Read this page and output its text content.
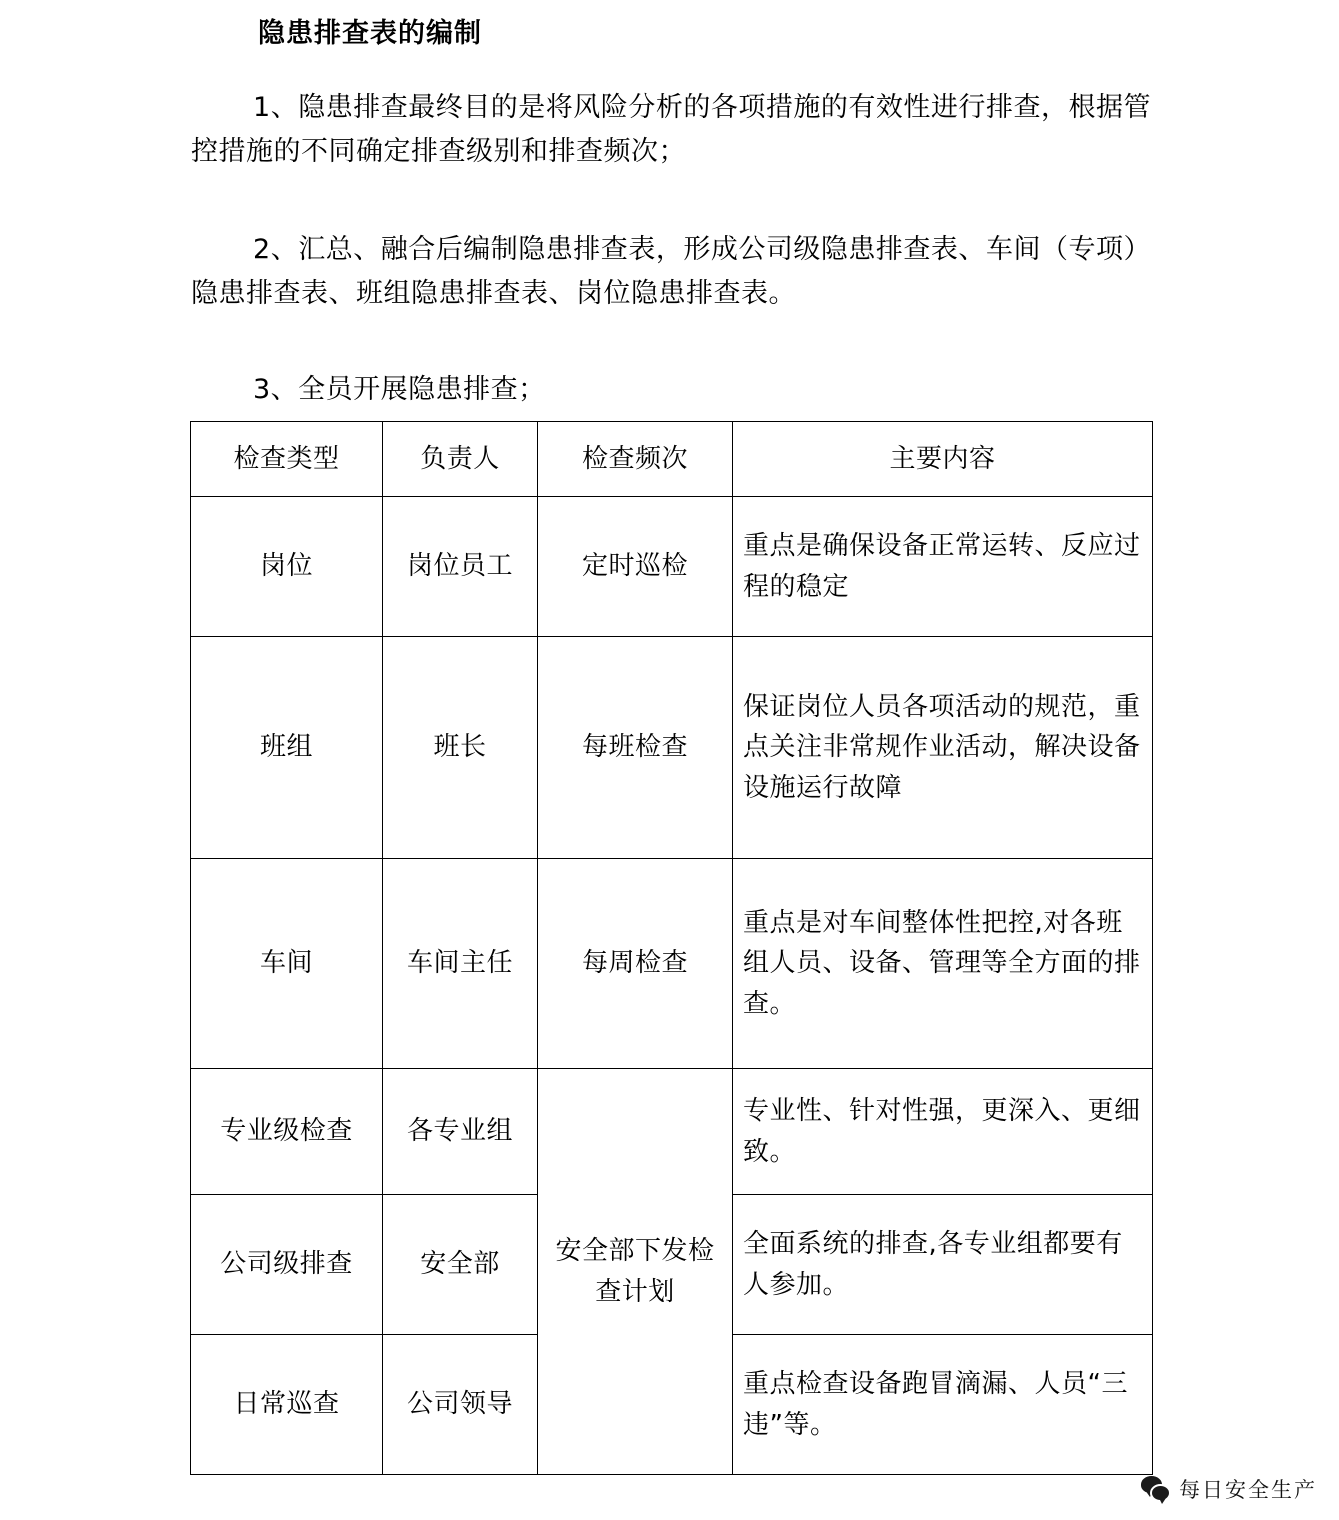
隐患排查表的编制
1、隐患排查最终目的是将风险分析的各项措施的有效性进行排查，根据管控措施的不同确定排查级别和排查频次；
2、汇总、融合后编制隐患排查表，形成公司级隐患排查表、车间（专项）隐患排查表、班组隐患排查表、岗位隐患排查表。
3、全员开展隐患排查；
检查类型	负责人	检查频次	主要内容
岗位	岗位员工	定时巡检	重点是确保设备正常运转、反应过程的稳定
班组	班长	每班检查	保证岗位人员各项活动的规范，重点关注非常规作业活动，解决设备设施运行故障
车间	车间主任	每周检查	重点是对车间整体性把控,对各班组人员、设备、管理等全方面的排查。
专业级检查	各专业组	安全部下发检查计划	专业性、针对性强，更深入、更细致。
公司级排查	安全部		全面系统的排查,各专业组都要有人参加。
日常巡查	公司领导		重点检查设备跑冒滴漏、人员“三违”等。
每日安全生产
